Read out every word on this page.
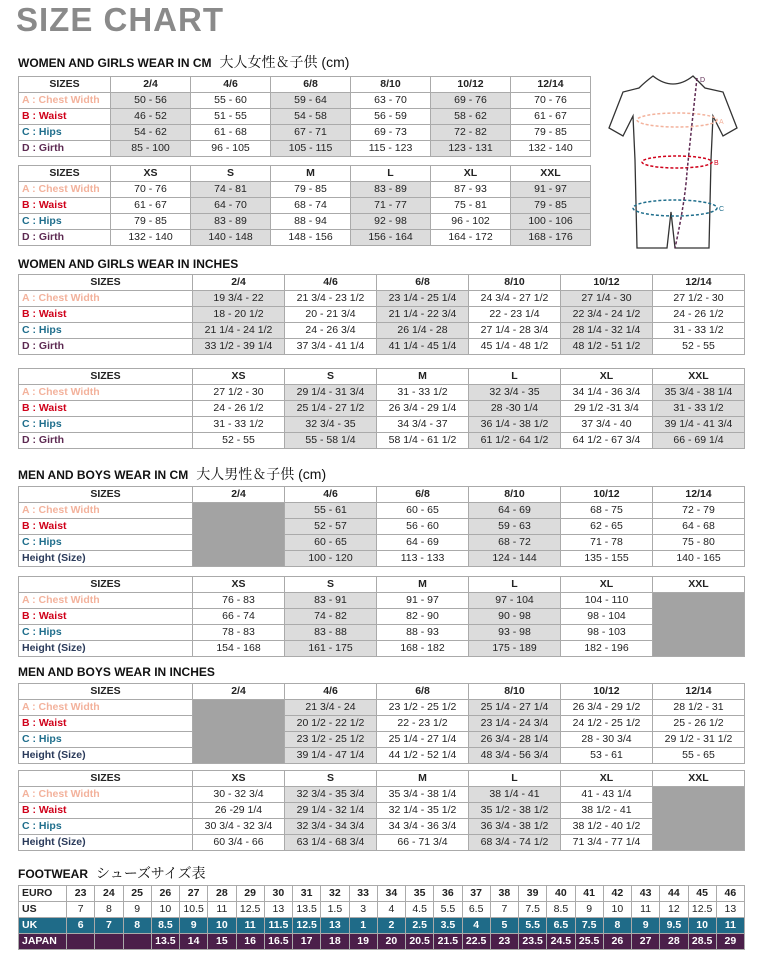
SIZE CHART
WOMEN AND GIRLS WEAR IN CM 大人女性＆子供 (cm)
WOMEN AND GIRLS WEAR IN INCHES
MEN AND BOYS WEAR IN CM 大人男性＆子供 (cm)
MEN AND BOYS WEAR IN INCHES
FOOTWEAR シューズサイズ表
SIZES	2/4	4/6	6/8	8/10	10/12	12/14
A : Chest Width	50 - 56	55 - 60	59 - 64	63 - 70	69 - 76	70 - 76
B : Waist	46 - 52	51 - 55	54 - 58	56 - 59	58 - 62	61 - 67
C : Hips	54 - 62	61 - 68	67 - 71	69 - 73	72 - 82	79 - 85
D : Girth	85 - 100	96 - 105	105 - 115	115 - 123	123 - 131	132 - 140
SIZES	XS	S	M	L	XL	XXL
A : Chest Width	70 - 76	74 - 81	79 - 85	83 - 89	87 - 93	91 - 97
B : Waist	61 - 67	64 - 70	68 - 74	71 - 77	75 - 81	79 - 85
C : Hips	79 - 85	83 - 89	88 - 94	92 - 98	96 - 102	100 - 106
D : Girth	132 - 140	140 - 148	148 - 156	156 - 164	164 - 172	168 - 176
SIZES	2/4	4/6	6/8	8/10	10/12	12/14
A : Chest Width	19 3/4 - 22	21 3/4 - 23 1/2	23 1/4 - 25 1/4	24 3/4 - 27 1/2	27 1/4 - 30	27 1/2 - 30
B : Waist	18 - 20 1/2	20 - 21 3/4	21 1/4 - 22 3/4	22 - 23 1/4	22 3/4 - 24 1/2	24 - 26 1/2
C : Hips	21 1/4 - 24 1/2	24 - 26 3/4	26 1/4 - 28	27 1/4 - 28 3/4	28 1/4 - 32 1/4	31 - 33 1/2
D : Girth	33 1/2 - 39 1/4	37 3/4 - 41 1/4	41 1/4 - 45 1/4	45 1/4 - 48 1/2	48 1/2 - 51 1/2	52 - 55
SIZES	XS	S	M	L	XL	XXL
A : Chest Width	27 1/2 - 30	29 1/4 - 31 3/4	31 - 33 1/2	32 3/4 - 35	34 1/4 - 36 3/4	35 3/4 - 38 1/4
B : Waist	24 - 26 1/2	25 1/4 - 27 1/2	26 3/4 - 29 1/4	28 -30 1/4	29 1/2 -31 3/4	31 - 33 1/2
C : Hips	31 - 33 1/2	32 3/4 - 35	34 3/4 - 37	36 1/4 - 38 1/2	37 3/4 - 40	39 1/4 - 41 3/4
D : Girth	52 - 55	55 - 58 1/4	58 1/4 - 61 1/2	61 1/2 - 64 1/2	64 1/2 - 67 3/4	66 - 69 1/4
SIZES	2/4	4/6	6/8	8/10	10/12	12/14
A : Chest Width		55 - 61	60 - 65	64 - 69	68 - 75	72 - 79
B : Waist		52 - 57	56 - 60	59 - 63	62 - 65	64 - 68
C : Hips		60 - 65	64 - 69	68 - 72	71 - 78	75 - 80
Height (Size)		100 - 120	113 - 133	124 - 144	135 - 155	140 - 165
SIZES	XS	S	M	L	XL	XXL
A : Chest Width	76 - 83	83 - 91	91 - 97	97 - 104	104 - 110	
B : Waist	66 - 74	74 - 82	82 - 90	90 - 98	98 - 104	
C : Hips	78 - 83	83 - 88	88 - 93	93 - 98	98 - 103	
Height (Size)	154 - 168	161 - 175	168 - 182	175 - 189	182 - 196	
SIZES	2/4	4/6	6/8	8/10	10/12	12/14
A : Chest Width		21 3/4 - 24	23 1/2 - 25 1/2	25 1/4 - 27 1/4	26 3/4 - 29 1/2	28 1/2 - 31
B : Waist		20 1/2 - 22 1/2	22 - 23 1/2	23 1/4 - 24 3/4	24 1/2 - 25 1/2	25 - 26 1/2
C : Hips		23 1/2 - 25 1/2	25 1/4 - 27 1/4	26 3/4 - 28 1/4	28 - 30 3/4	29 1/2 - 31 1/2
Height (Size)		39 1/4 - 47 1/4	44 1/2 - 52 1/4	48 3/4 - 56 3/4	53 - 61	55 - 65
SIZES	XS	S	M	L	XL	XXL
A : Chest Width	30 - 32 3/4	32 3/4 - 35 3/4	35 3/4 - 38 1/4	38 1/4 - 41	41 - 43 1/4	
B : Waist	26 -29 1/4	29 1/4 - 32 1/4	32 1/4 - 35 1/2	35 1/2 - 38 1/2	38 1/2 - 41	
C : Hips	30 3/4 - 32 3/4	32 3/4 - 34 3/4	34 3/4 - 36 3/4	36 3/4 - 38 1/2	38 1/2 - 40 1/2	
Height (Size)	60 3/4 - 66	63 1/4 - 68 3/4	66 - 71 3/4	68 3/4 - 74 1/2	71 3/4 - 77 1/4	
EURO	23	24	25	26	27	28	29	30	31	32	33	34	35	36	37	38	39	40	41	42	43	44	45	46
US	7	8	9	10	10.5	11	12.5	13	13.5	1.5	3	4	4.5	5.5	6.5	7	7.5	8.5	9	10	11	12	12.5	13
UK	6	7	8	8.5	9	10	11	11.5	12.5	13	1	2	2.5	3.5	4	5	5.5	6.5	7.5	8	9	9.5	10	11
JAPAN				13.5	14	15	16	16.5	17	18	19	20	20.5	21.5	22.5	23	23.5	24.5	25.5	26	27	28	28.5	29
D
A
B
C
